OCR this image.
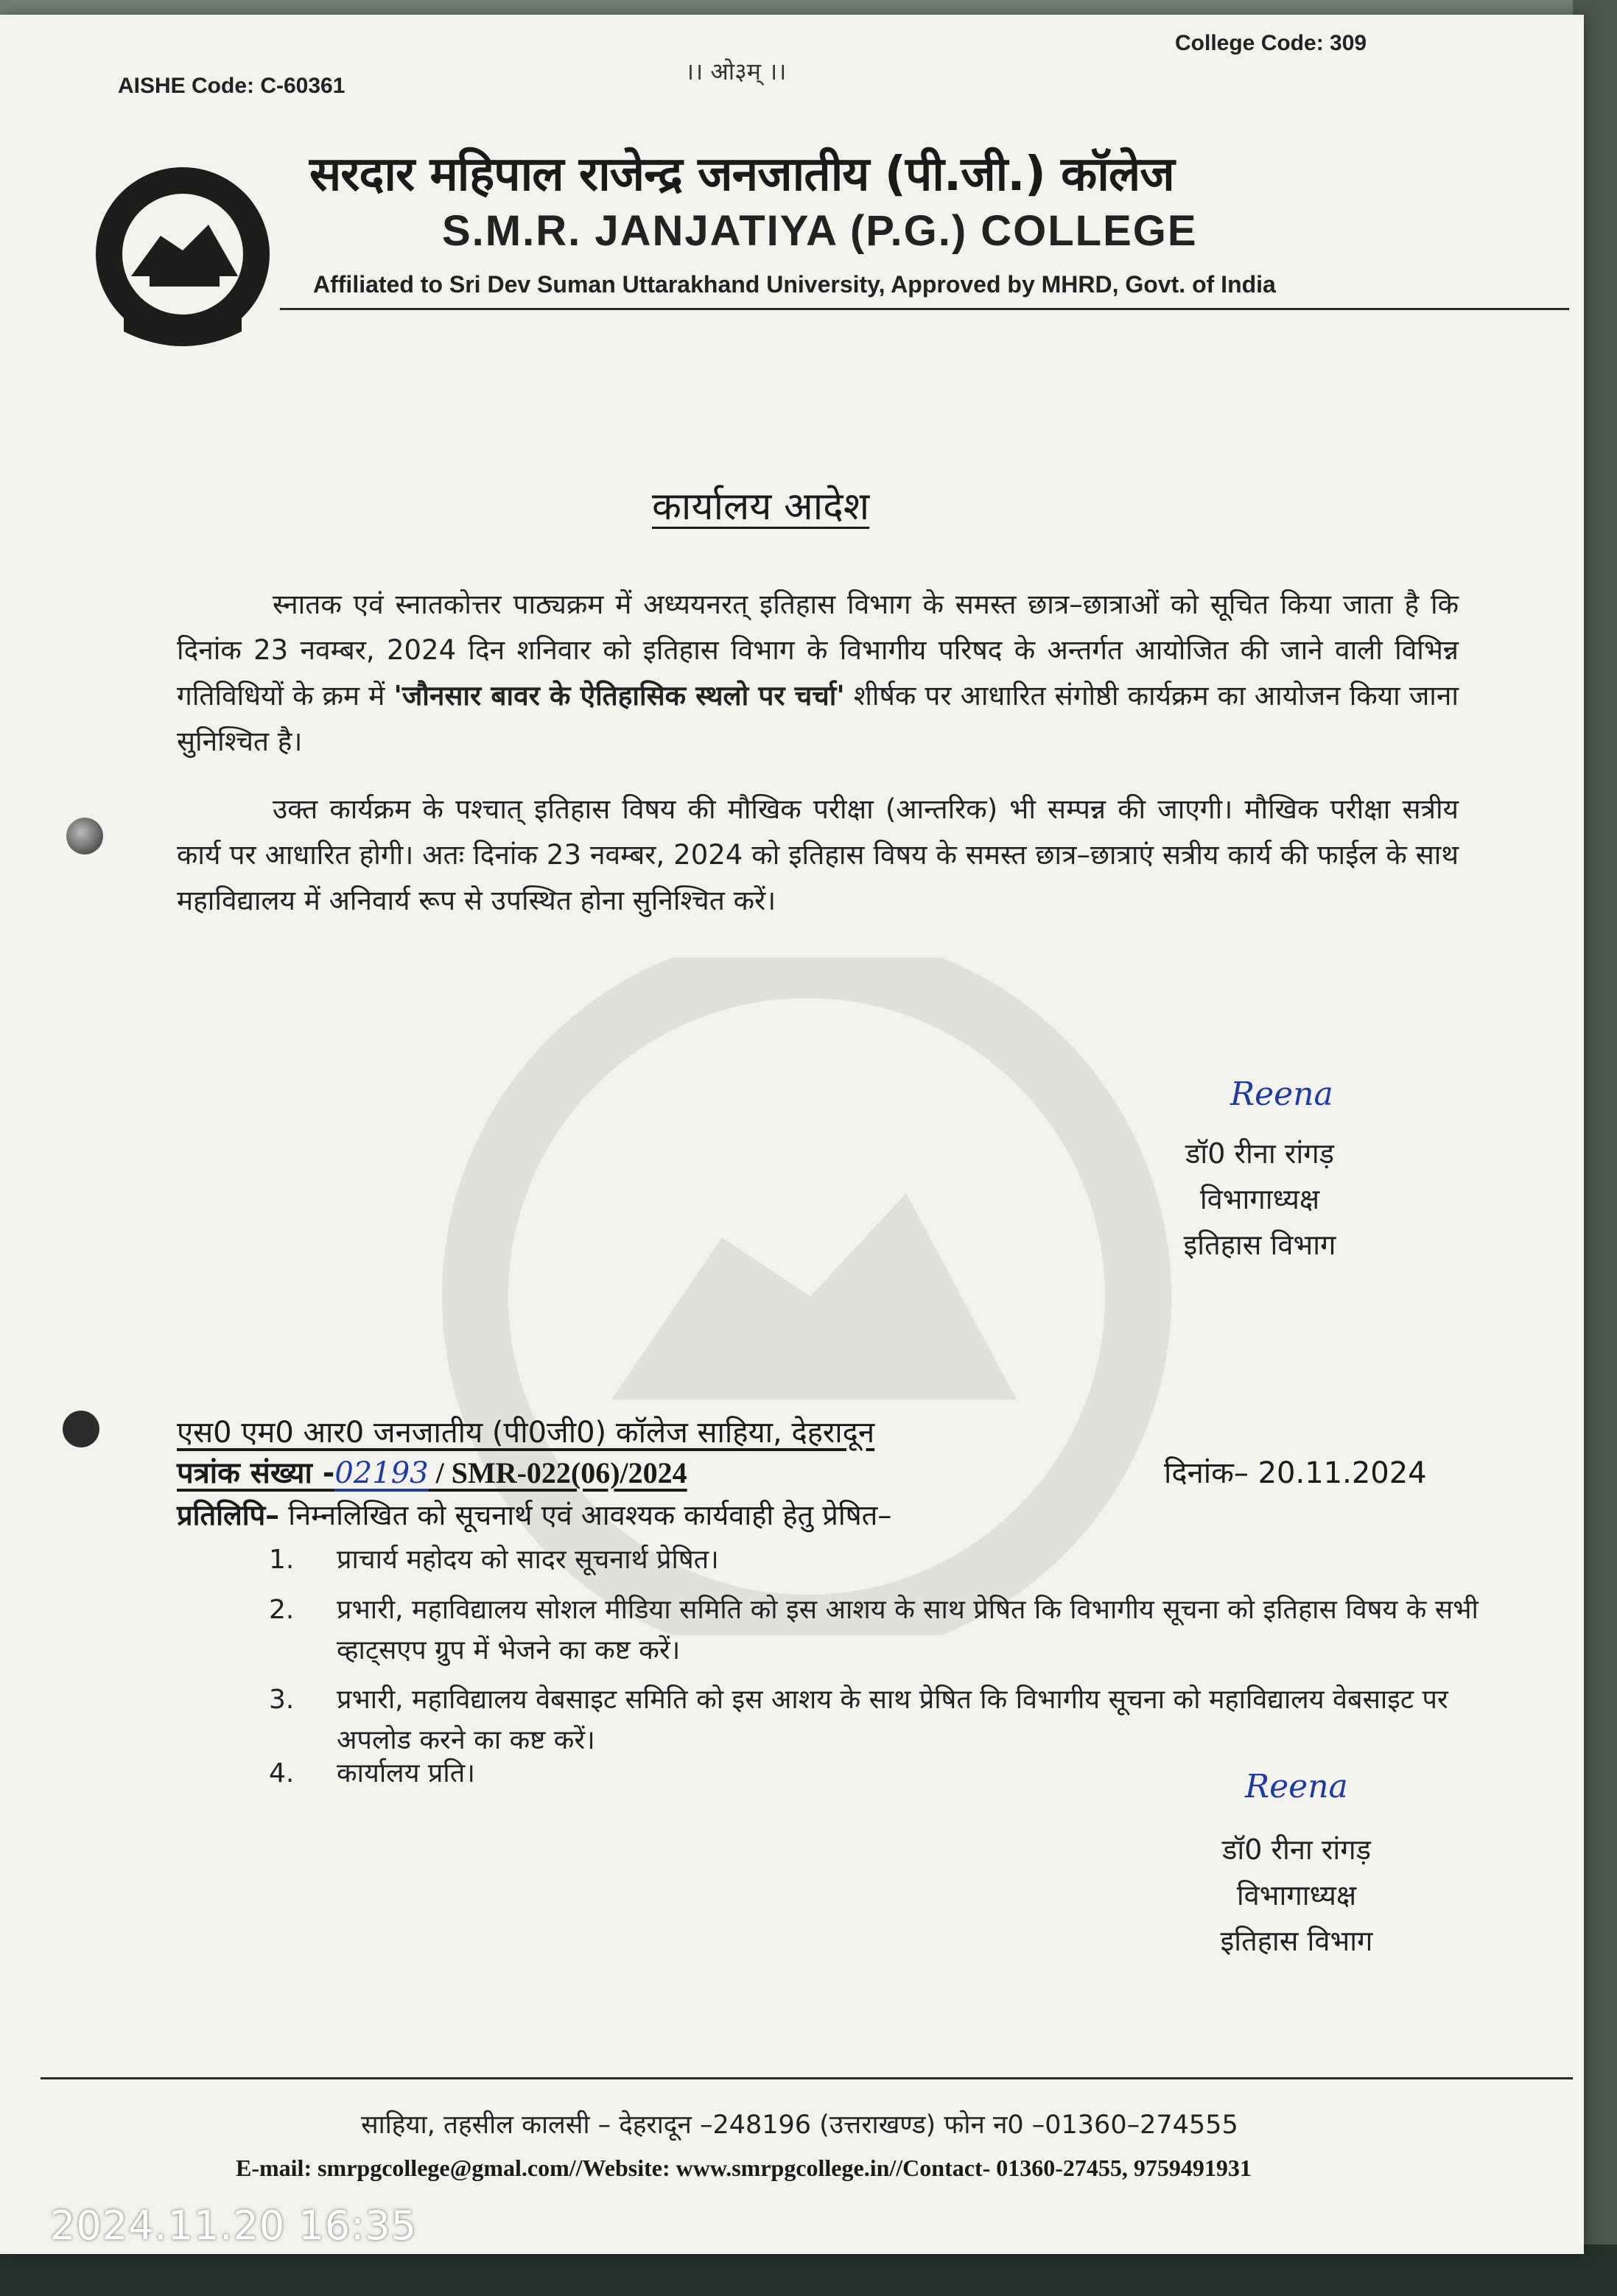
AISHE Code: C-60361
।। ओ३म् ।।
College Code: 309
सरदार महिपाल राजेन्द्र जनजातीय (पी.जी.) कॉलेज
S.M.R. JANJATIYA (P.G.) COLLEGE
Affiliated to Sri Dev Suman Uttarakhand University, Approved by MHRD, Govt. of India
कार्यालय आदेश

स्नातक एवं स्नातकोत्तर पाठ्यक्रम में अध्ययनरत् इतिहास विभाग के समस्त छात्र–छात्राओं को सूचित किया जाता है कि दिनांक 23 नवम्बर, 2024 दिन शनिवार को इतिहास विभाग के विभागीय परिषद के अन्तर्गत आयोजित की जाने वाली विभिन्न गतिविधियों के क्रम में 'जौनसार बावर के ऐतिहासिक स्थलो पर चर्चा' शीर्षक पर आधारित संगोष्ठी कार्यक्रम का आयोजन किया जाना सुनिश्चित है।

उक्त कार्यक्रम के पश्चात् इतिहास विषय की मौखिक परीक्षा (आन्तरिक) भी सम्पन्न की जाएगी। मौखिक परीक्षा सत्रीय कार्य पर आधारित होगी। अतः दिनांक 23 नवम्बर, 2024 को इतिहास विषय के समस्त छात्र–छात्राएं सत्रीय कार्य की फाईल के साथ महाविद्यालय में अनिवार्य रूप से उपस्थित होना सुनिश्चित करें।

Reena
डॉ0 रीना रांगड़
विभागाध्यक्ष
इतिहास विभाग
एस0 एम0 आर0 जनजातीय (पी0जी0) कॉलेज साहिया, देहरादून
पत्रांक संख्या -02193 / SMR-022(06)/2024	दिनांक– 20.11.2024
प्रतिलिपि– निम्नलिखित को सूचनार्थ एवं आवश्यक कार्यवाही हेतु प्रेषित–
1. प्राचार्य महोदय को सादर सूचनार्थ प्रेषित।
2. प्रभारी, महाविद्यालय सोशल मीडिया समिति को इस आशय के साथ प्रेषित कि विभागीय सूचना को इतिहास विषय के सभी व्हाट्सएप ग्रुप में भेजने का कष्ट करें।
3. प्रभारी, महाविद्यालय वेबसाइट समिति को इस आशय के साथ प्रेषित कि विभागीय सूचना को महाविद्यालय वेबसाइट पर अपलोड करने का कष्ट करें।
4. कार्यालय प्रति।	Reena
डॉ0 रीना रांगड़
विभागाध्यक्ष
इतिहास विभाग
साहिया, तहसील कालसी – देहरादून –248196 (उत्तराखण्ड) फोन न0 –01360–274555
E-mail: smrpgcollege@gmal.com//Website: www.smrpgcollege.in//Contact- 01360-27455, 9759491931
2024.11.20 16:35
